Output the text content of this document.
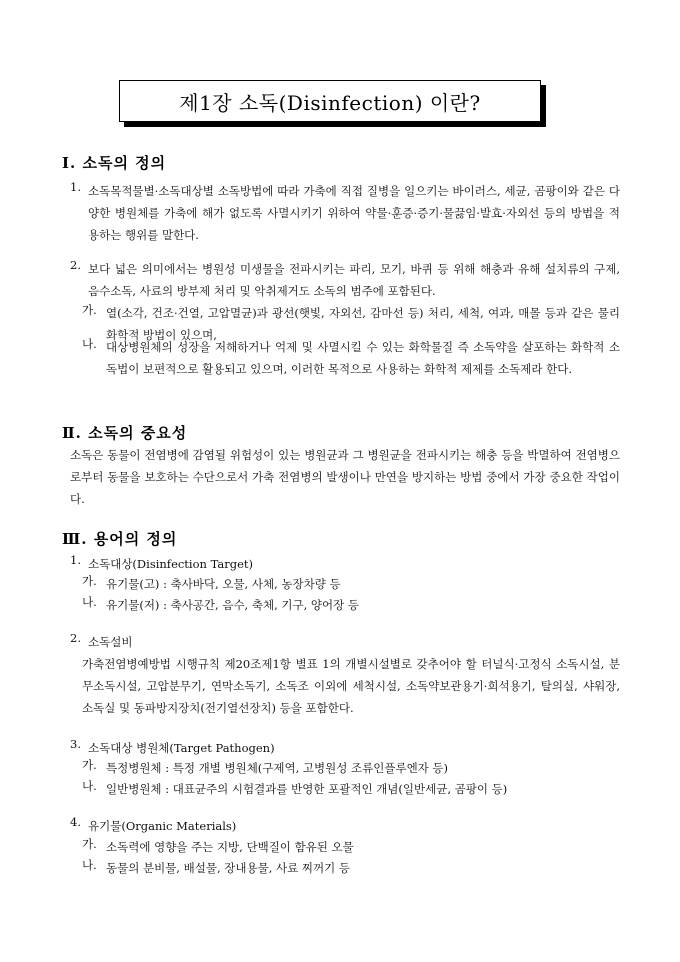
제1장 소독(Disinfection) 이란?
Ⅰ. 소독의 정의
1. 소독목적물별·소독대상별 소독방법에 따라 가축에 직접 질병을 일으키는 바이러스, 세균, 곰팡이와 같은 다양한 병원체를 가축에 해가 없도록 사멸시키기 위하여 약물·훈증·증기·물끓임·발효·자외선 등의 방법을 적용하는 행위를 말한다.

2. 보다 넓은 의미에서는 병원성 미생물을 전파시키는 파리, 모기, 바퀴 등 위해 해충과 유해 설치류의 구제, 음수소독, 사료의 방부제 처리 및 악취제거도 소독의 범주에 포함된다.

가. 열(소각, 건조·건열, 고압멸균)과 광선(햇빛, 자외선, 감마선 등) 처리, 세척, 여과, 매몰 등과 같은 물리화학적 방법이 있으며,

나. 대상병원체의 성장을 저해하거나 억제 및 사멸시킬 수 있는 화학물질 즉 소독약을 살포하는 화학적 소독법이 보편적으로 활용되고 있으며, 이러한 목적으로 사용하는 화학적 제제를 소독제라 한다.

Ⅱ. 소독의 중요성

소독은 동물이 전염병에 감염될 위험성이 있는 병원균과 그 병원균을 전파시키는 해충 등을 박멸하여 전염병으로부터 동물을 보호하는 수단으로서 가축 전염병의 발생이나 만연을 방지하는 방법 중에서 가장 중요한 작업이다.

Ⅲ. 용어의 정의
1. 소독대상(Disinfection Target)
가. 유기물(고) : 축사바닥, 오물, 사체, 농장차량 등
나. 유기물(저) : 축사공간, 음수, 축체, 기구, 양어장 등
2. 소독설비

가축전염병예방법 시행규칙 제20조제1항 별표 1의 개별시설별로 갖추어야 할 터널식·고정식 소독시설, 분무소독시설, 고압분무기, 연막소독기, 소독조 이외에 세척시설, 소독약보관용기·희석용기, 탈의실, 샤워장, 소독실 및 동파방지장치(전기열선장치) 등을 포함한다.

3. 소독대상 병원체(Target Pathogen)
가. 특정병원체 : 특정 개별 병원체(구제역, 고병원성 조류인플루엔자 등)
나. 일반병원체 : 대표균주의 시험결과를 반영한 포괄적인 개념(일반세균, 곰팡이 등)
4. 유기물(Organic Materials)
가. 소독력에 영향을 주는 지방, 단백질이 함유된 오물
나. 동물의 분비물, 배설물, 장내용물, 사료 찌꺼기 등
